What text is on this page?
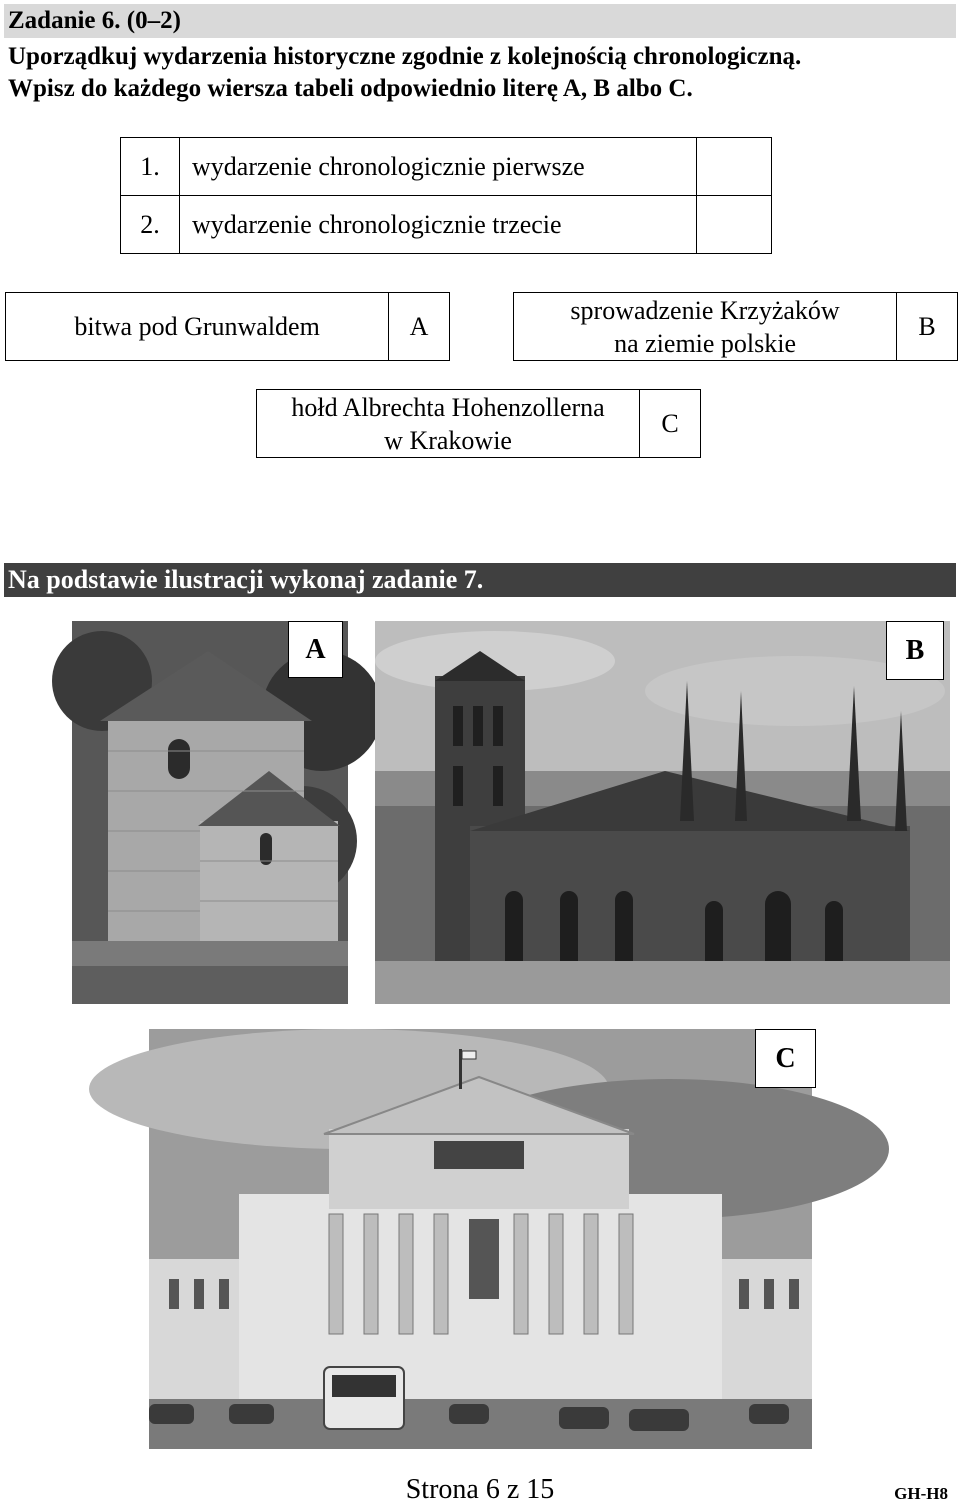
Zadanie 6. (0–2)
Uporządkuj wydarzenia historyczne zgodnie z kolejnością chronologiczną.
Wpisz do każdego wiersza tabeli odpowiednio literę A, B albo C.
1.	wydarzenie chronologicznie pierwsze	
2.	wydarzenie chronologicznie trzecie	
bitwa pod Grunwaldem	A
sprowadzenie Krzyżaków
na ziemie polskie
B
hołd Albrechta Hohenzollerna
w Krakowie
C
Na podstawie ilustracji wykonaj zadanie 7.
A	B
C
Strona 6 z 15	GH-H8
